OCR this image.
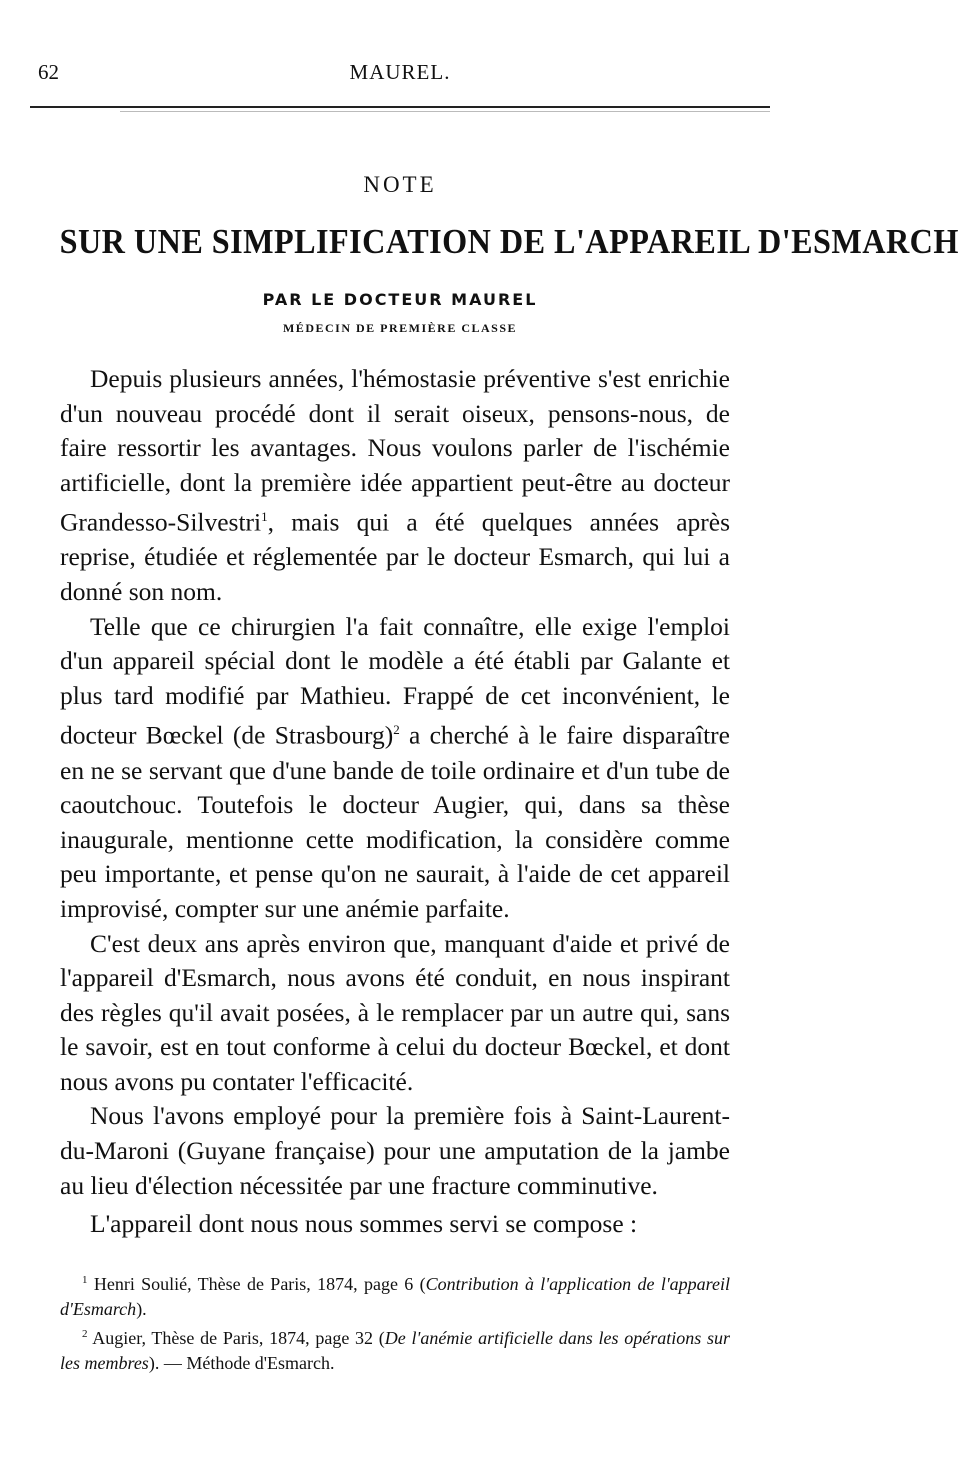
62	MAUREL.
NOTE
SUR UNE SIMPLIFICATION DE L'APPAREIL D'ESMARCH
PAR LE DOCTEUR MAUREL
MÉDECIN DE PREMIÈRE CLASSE

Depuis plusieurs années, l'hémostasie préventive s'est enrichie d'un nouveau procédé dont il serait oiseux, pensons-nous, de faire ressortir les avantages. Nous voulons parler de l'ischémie artificielle, dont la première idée appartient peut-être au docteur Grandesso-Silvestri$^1$, mais qui a été quelques années après reprise, étudiée et réglementée par le docteur Esmarch, qui lui a donné son nom.

Telle que ce chirurgien l'a fait connaître, elle exige l'emploi d'un appareil spécial dont le modèle a été établi par Galante et plus tard modifié par Mathieu. Frappé de cet inconvénient, le docteur Bœckel (de Strasbourg)$^2$ a cherché à le faire disparaître en ne se servant que d'une bande de toile ordinaire et d'un tube de caoutchouc. Toutefois le docteur Augier, qui, dans sa thèse inaugurale, mentionne cette modification, la considère comme peu importante, et pense qu'on ne saurait, à l'aide de cet appareil improvisé, compter sur une anémie parfaite.

C'est deux ans après environ que, manquant d'aide et privé de l'appareil d'Esmarch, nous avons été conduit, en nous inspirant des règles qu'il avait posées, à le remplacer par un autre qui, sans le savoir, est en tout conforme à celui du docteur Bœckel, et dont nous avons pu contater l'efficacité.

Nous l'avons employé pour la première fois à Saint-Laurent-du-Maroni (Guyane française) pour une amputation de la jambe au lieu d'élection nécessitée par une fracture comminutive.

L'appareil dont nous nous sommes servi se compose :

$^1$ Henri Soulié, Thèse de Paris, 1874, page 6 (Contribution à l'application de l'appareil d'Esmarch).

$^2$ Augier, Thèse de Paris, 1874, page 32 (De l'anémie artificielle dans les opérations sur les membres). — Méthode d'Esmarch.
